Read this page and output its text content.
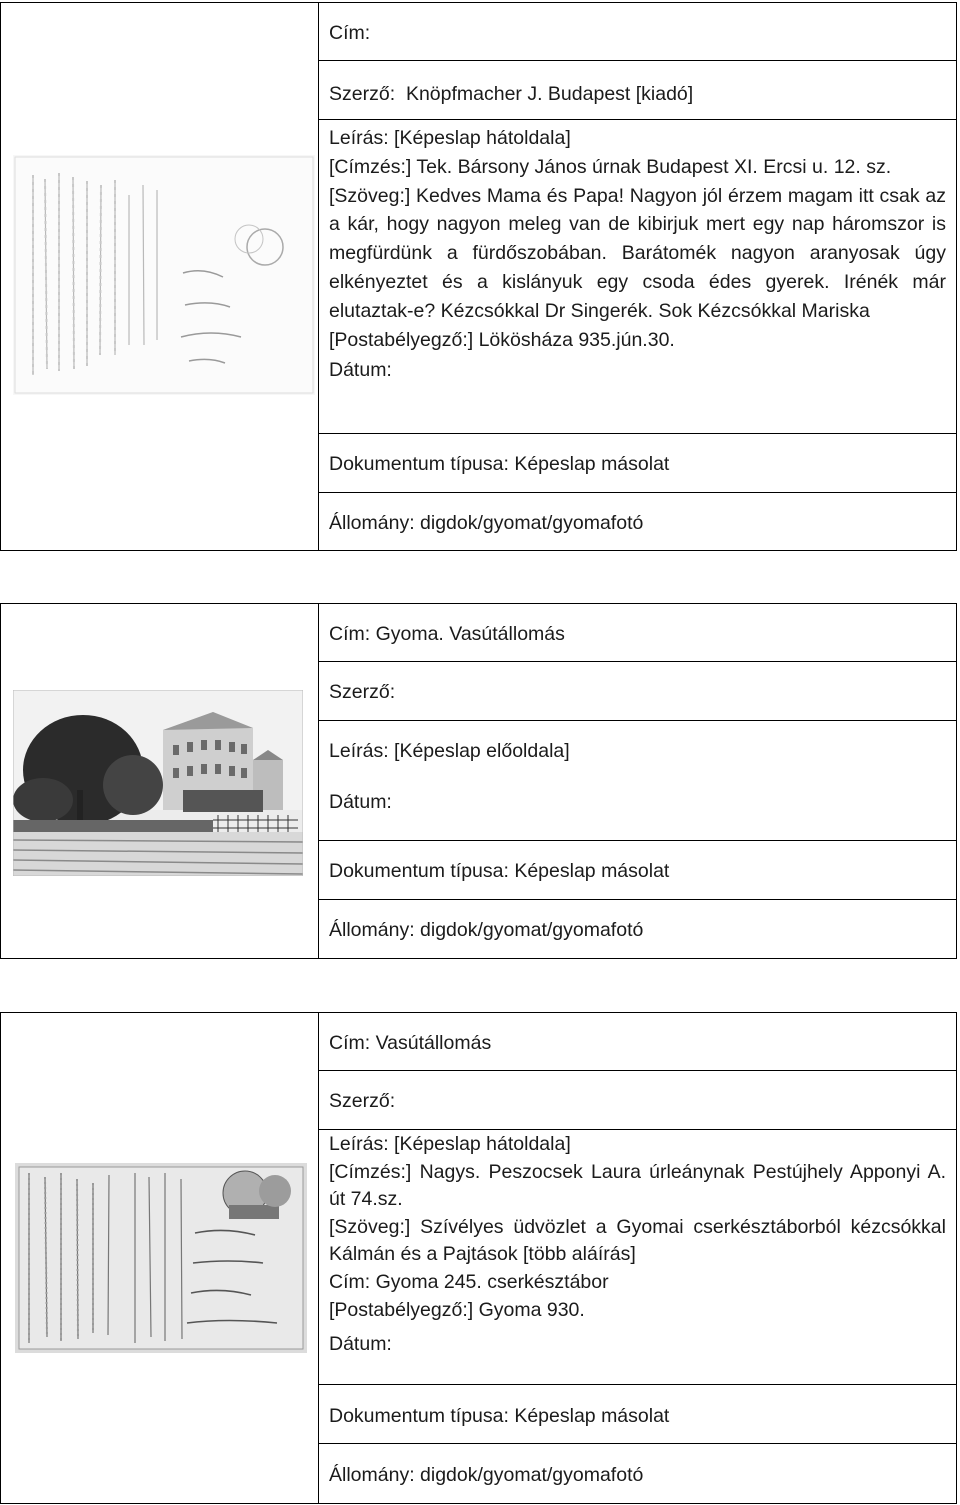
Cím:
Szerző:  Knöpfmacher J. Budapest [kiadó]
Leírás: [Képeslap hátoldala]
[Címzés:] Tek. Bársony János úrnak Budapest XI. Ercsi u. 12. sz.
[Szöveg:] Kedves Mama és Papa! Nagyon jól érzem magam itt csak az a kár, hogy nagyon meleg van de kibirjuk mert egy nap háromszor is megfürdünk a fürdőszobában. Barátomék nagyon aranyosak úgy elkényeztet és a kislányuk egy csoda édes gyerek. Irénék már elutaztak-e? Kézcsókkal Dr Singerék. Sok Kézcsókkal Mariska
[Postabélyegző:] Lökösháza 935.jún.30.
Dátum:
Dokumentum típusa: Képeslap másolat
Állomány: digdok/gyomat/gyomafotó
Cím: Gyoma. Vasútállomás
Szerző:
Leírás: [Képeslap előoldala]
Dátum:
Dokumentum típusa: Képeslap másolat
Állomány: digdok/gyomat/gyomafotó
Cím: Vasútállomás
Szerző:
Leírás: [Képeslap hátoldala]
[Címzés:] Nagys. Peszocsek Laura úrleánynak Pestújhely Apponyi A. út 74.sz.
[Szöveg:] Szívélyes üdvözlet a Gyomai cserkésztáborból kézcsókkal Kálmán és a Pajtások [több aláírás]
Cím: Gyoma 245. cserkésztábor
[Postabélyegző:] Gyoma 930.
Dátum:
Dokumentum típusa: Képeslap másolat
Állomány: digdok/gyomat/gyomafotó
